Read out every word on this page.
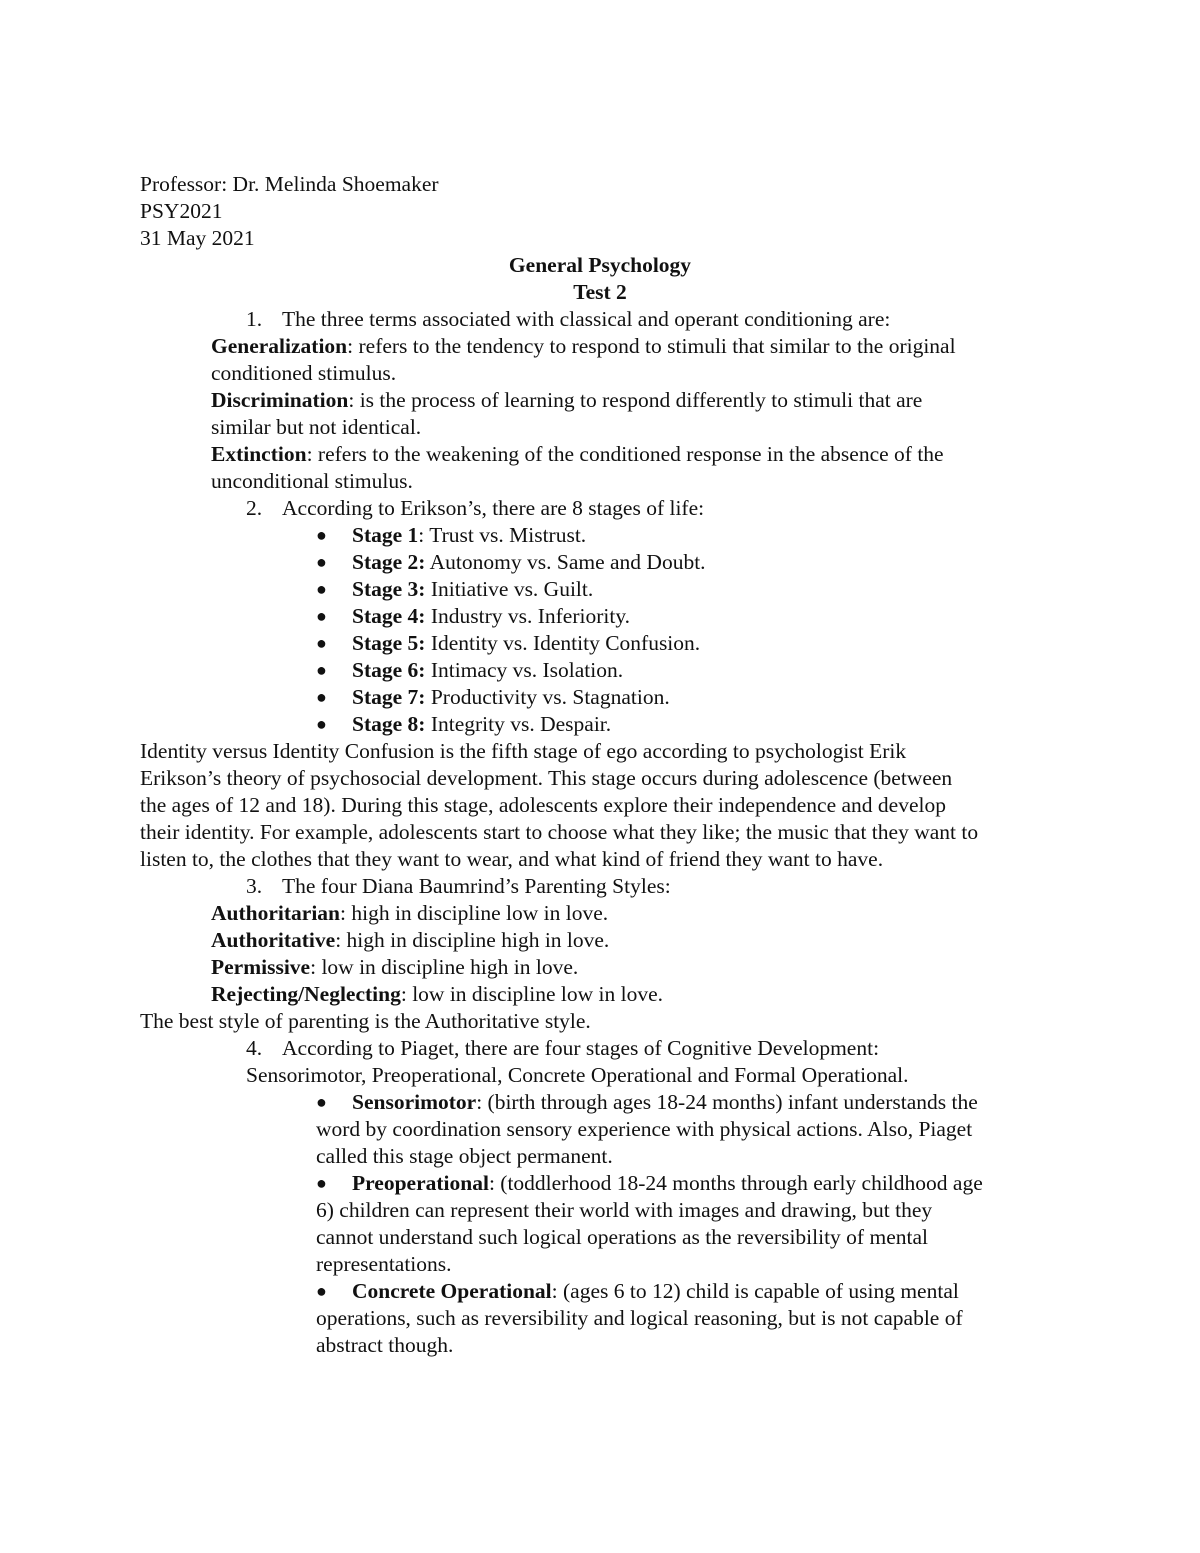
Professor: Dr. Melinda Shoemaker
PSY2021
31 May 2021
General Psychology
Test 2
1. The three terms associated with classical and operant conditioning are:
Generalization: refers to the tendency to respond to stimuli that similar to the original
conditioned stimulus.
Discrimination: is the process of learning to respond differently to stimuli that are
similar but not identical.
Extinction: refers to the weakening of the conditioned response in the absence of the
unconditional stimulus.
2. According to Erikson’s, there are 8 stages of life:
● Stage 1: Trust vs. Mistrust.
● Stage 2: Autonomy vs. Same and Doubt.
● Stage 3: Initiative vs. Guilt.
● Stage 4: Industry vs. Inferiority.
● Stage 5: Identity vs. Identity Confusion.
● Stage 6: Intimacy vs. Isolation.
● Stage 7: Productivity vs. Stagnation.
● Stage 8: Integrity vs. Despair.
Identity versus Identity Confusion is the fifth stage of ego according to psychologist Erik
Erikson’s theory of psychosocial development. This stage occurs during adolescence (between
the ages of 12 and 18). During this stage, adolescents explore their independence and develop
their identity. For example, adolescents start to choose what they like; the music that they want to
listen to, the clothes that they want to wear, and what kind of friend they want to have.
3. The four Diana Baumrind’s Parenting Styles:
Authoritarian: high in discipline low in love.
Authoritative: high in discipline high in love.
Permissive: low in discipline high in love.
Rejecting/Neglecting: low in discipline low in love.
The best style of parenting is the Authoritative style.
4. According to Piaget, there are four stages of Cognitive Development:
Sensorimotor, Preoperational, Concrete Operational and Formal Operational.
● Sensorimotor: (birth through ages 18-24 months) infant understands the
word by coordination sensory experience with physical actions. Also, Piaget
called this stage object permanent.
● Preoperational: (toddlerhood 18-24 months through early childhood age
6) children can represent their world with images and drawing, but they
cannot understand such logical operations as the reversibility of mental
representations.
● Concrete Operational: (ages 6 to 12) child is capable of using mental
operations, such as reversibility and logical reasoning, but is not capable of
abstract though.
